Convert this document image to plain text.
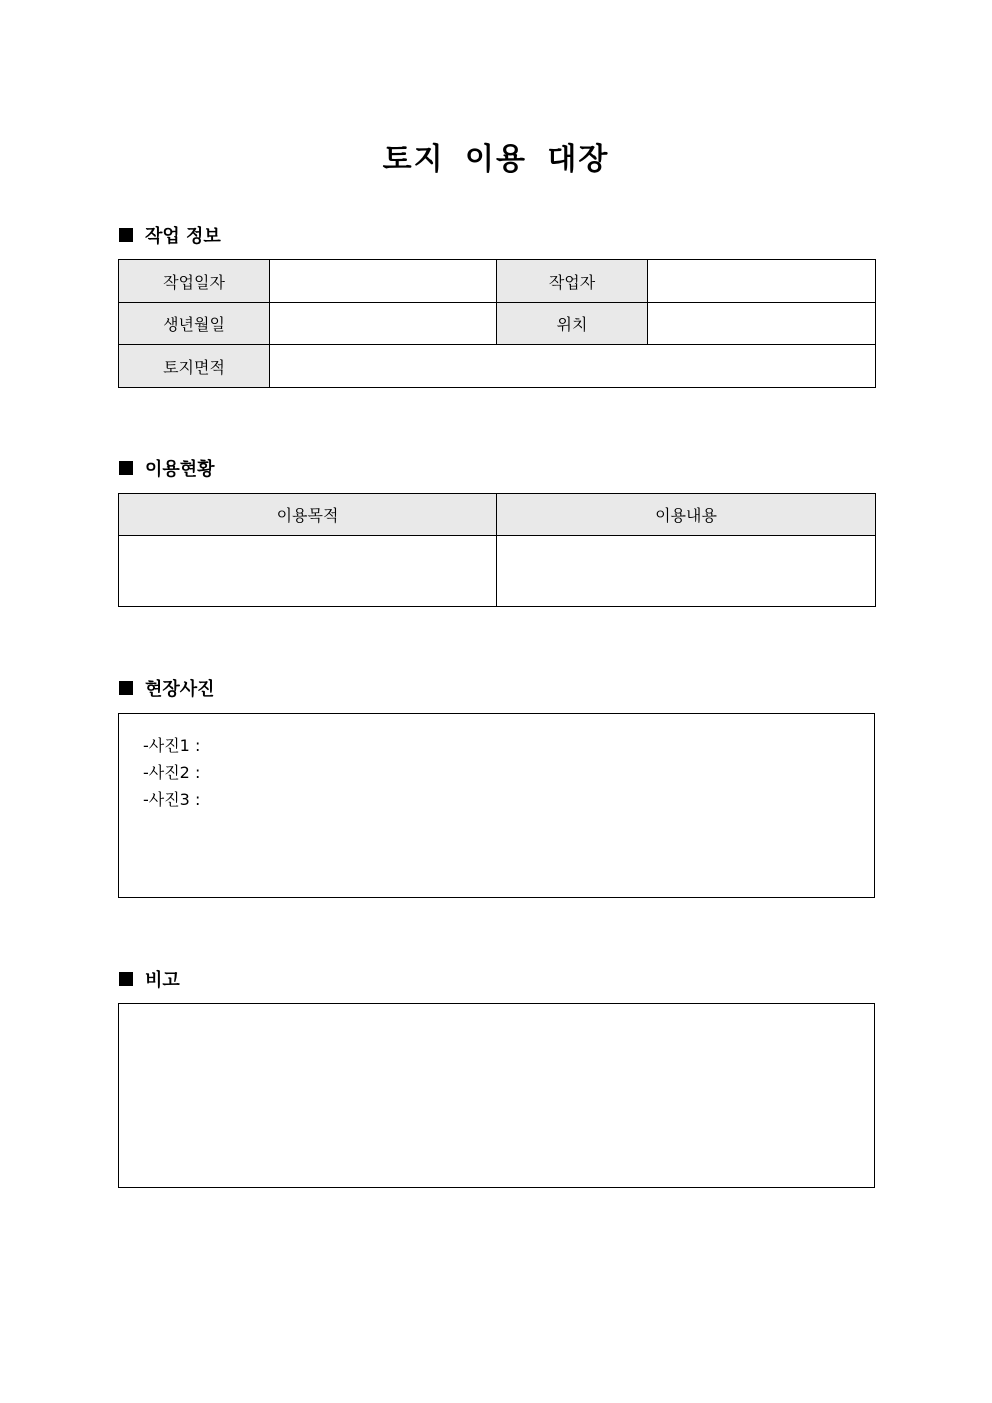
토지 이용 대장
작업 정보
작업일자		작업자	
생년월일		위치	
토지면적			
이용현황
이용목적	이용내용

현장사진
-사진1 :
-사진2 :
-사진3 :
비고
